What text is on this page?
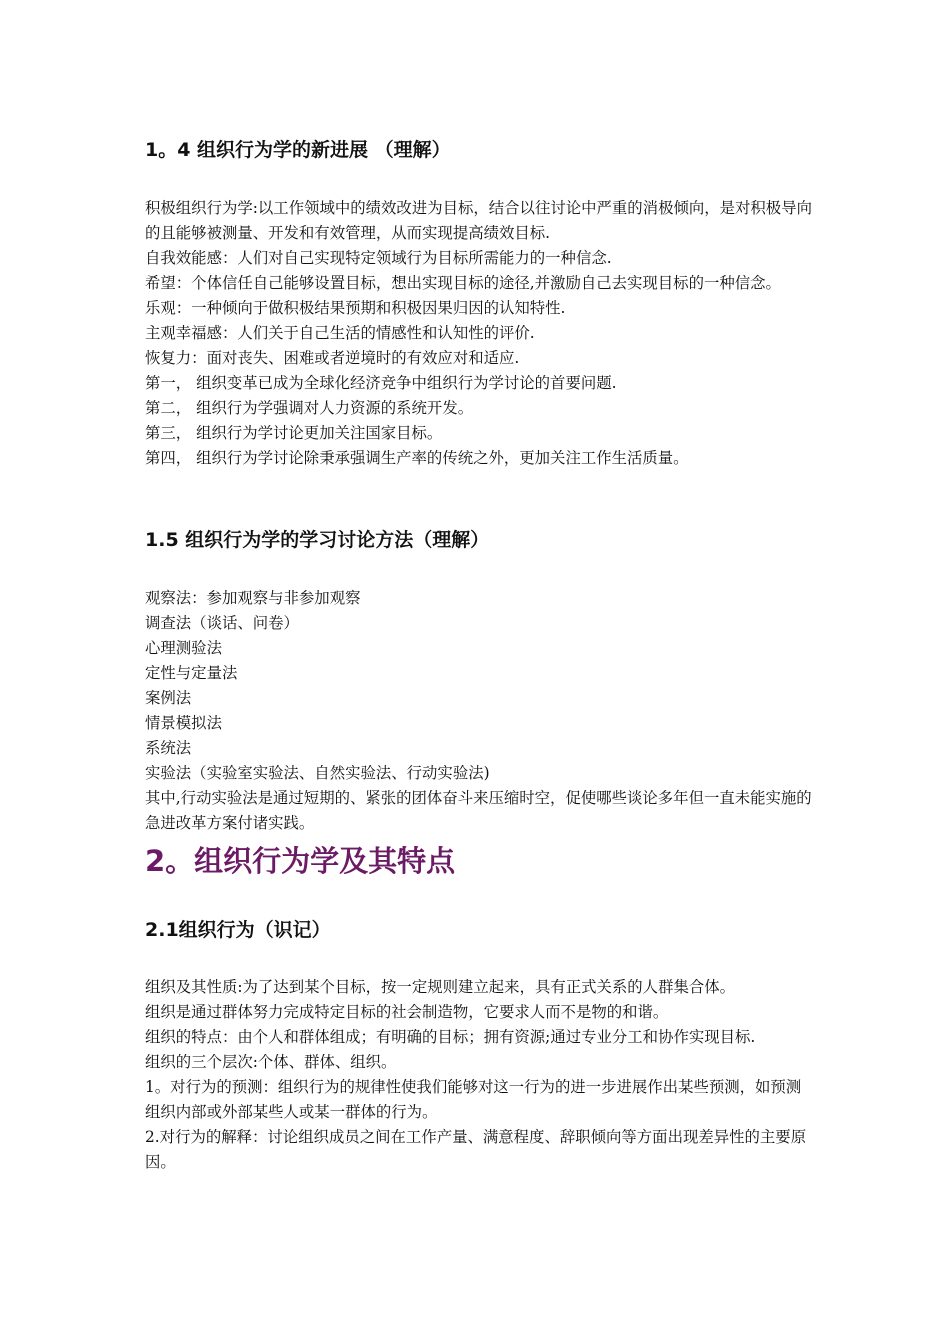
1。4 组织行为学的新进展 （理解）

积极组织行为学:以工作领域中的绩效改进为目标，结合以往讨论中严重的消极倾向，是对积极导向的且能够被测量、开发和有效管理，从而实现提高绩效目标.

自我效能感：人们对自己实现特定领域行为目标所需能力的一种信念.

希望：个体信任自己能够设置目标，想出实现目标的途径,并激励自己去实现目标的一种信念。

乐观：一种倾向于做积极结果预期和积极因果归因的认知特性.

主观幸福感：人们关于自己生活的情感性和认知性的评价.

恢复力：面对丧失、困难或者逆境时的有效应对和适应.

第一， 组织变革已成为全球化经济竞争中组织行为学讨论的首要问题.

第二， 组织行为学强调对人力资源的系统开发。

第三， 组织行为学讨论更加关注国家目标。

第四， 组织行为学讨论除秉承强调生产率的传统之外，更加关注工作生活质量。

1.5 组织行为学的学习讨论方法（理解）

观察法：参加观察与非参加观察

调查法（谈话、问卷）

心理测验法

定性与定量法

案例法

情景模拟法

系统法

实验法（实验室实验法、自然实验法、行动实验法)

其中,行动实验法是通过短期的、紧张的团体奋斗来压缩时空，促使哪些谈论多年但一直未能实施的急进改革方案付诸实践。

2。组织行为学及其特点
2.1组织行为（识记）

组织及其性质:为了达到某个目标，按一定规则建立起来，具有正式关系的人群集合体。

组织是通过群体努力完成特定目标的社会制造物，它要求人而不是物的和谐。

组织的特点：由个人和群体组成；有明确的目标；拥有资源;通过专业分工和协作实现目标.

组织的三个层次:个体、群体、组织。

1。对行为的预测：组织行为的规律性使我们能够对这一行为的进一步进展作出某些预测，如预测组织内部或外部某些人或某一群体的行为。

2.对行为的解释：讨论组织成员之间在工作产量、满意程度、辞职倾向等方面出现差异性的主要原因。
